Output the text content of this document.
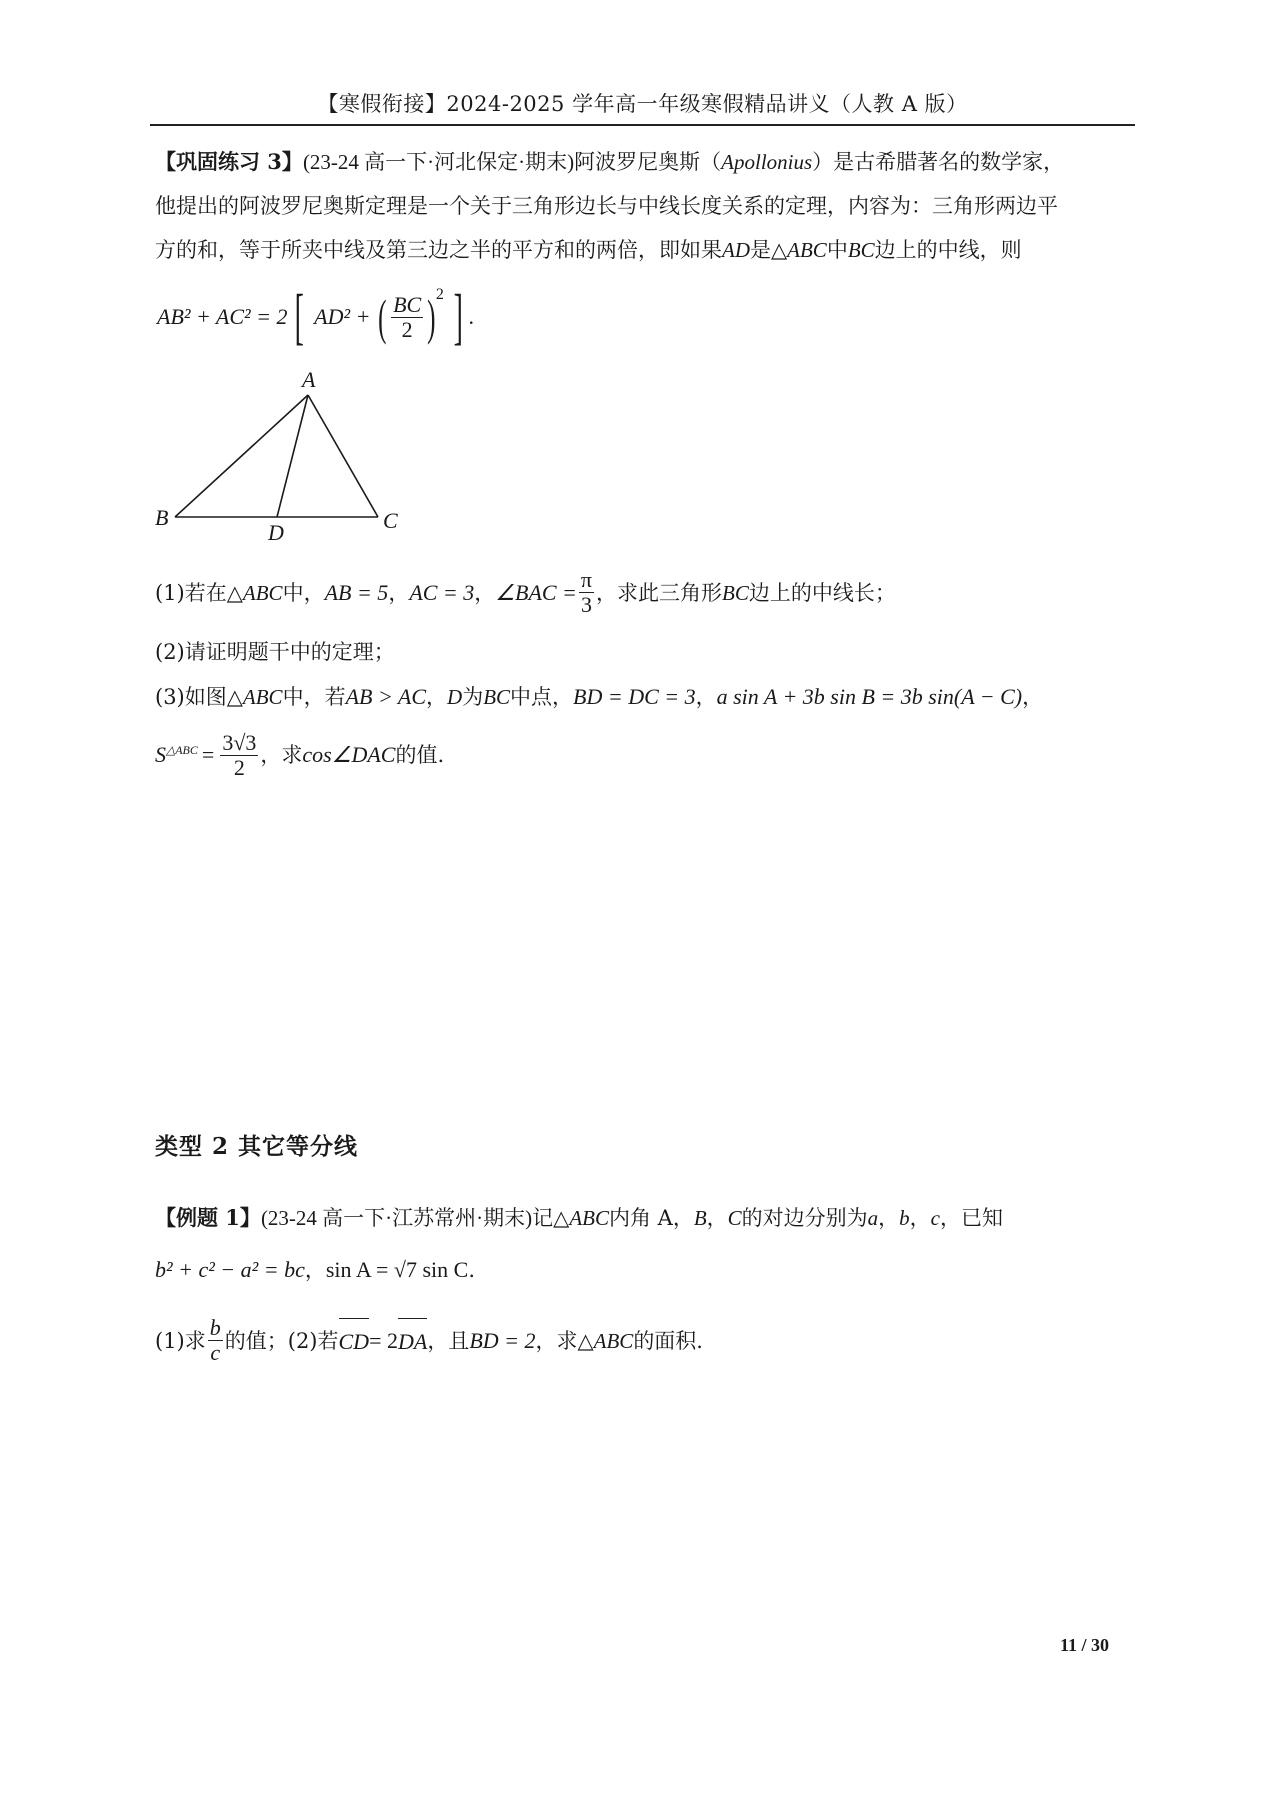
【寒假衔接】2024-2025 学年高一年级寒假精品讲义（人教 A 版）
【巩固练习 3】(23-24 高一下·河北保定·期末)阿波罗尼奥斯（Apollonius）是古希腊著名的数学家，
他提出的阿波罗尼奥斯定理是一个关于三角形边长与中线长度关系的定理，内容为：三角形两边平
方的和，等于所夹中线及第三边之半的平方和的两倍，即如果AD是△ABC中BC边上的中线，则
AB² + AC² = 2 [ AD² + ( $\frac{BC}{2}$ ) 2 ] .
A
B	C
D
(1)若在△ ABC 中， AB = 5 ， AC = 3 ， ∠BAC = $\frac{\pi}{3}$ ，求此三角形 BC 边上的中线长；
(2)请证明题干中的定理；
(3)如图△ABC中，若AB > AC，D为BC中点，BD = DC = 3，a sin A + 3b sin B = 3b sin(A − C)，
S △ABC = $\frac{3√3}{2}$ ，求 cos∠DAC 的值.
类型 2 其它等分线
【例题 1】(23-24 高一下·江苏常州·期末)记△ABC内角 A，B，C的对边分别为a，b，c，已知
b² + c² − a² = bc，sin A = √7 sin C.
(1)求 $\frac{b}{c}$ 的值；(2)若 CD = 2 DA ，且 BD = 2 ，求△ ABC 的面积.
11 / 30
